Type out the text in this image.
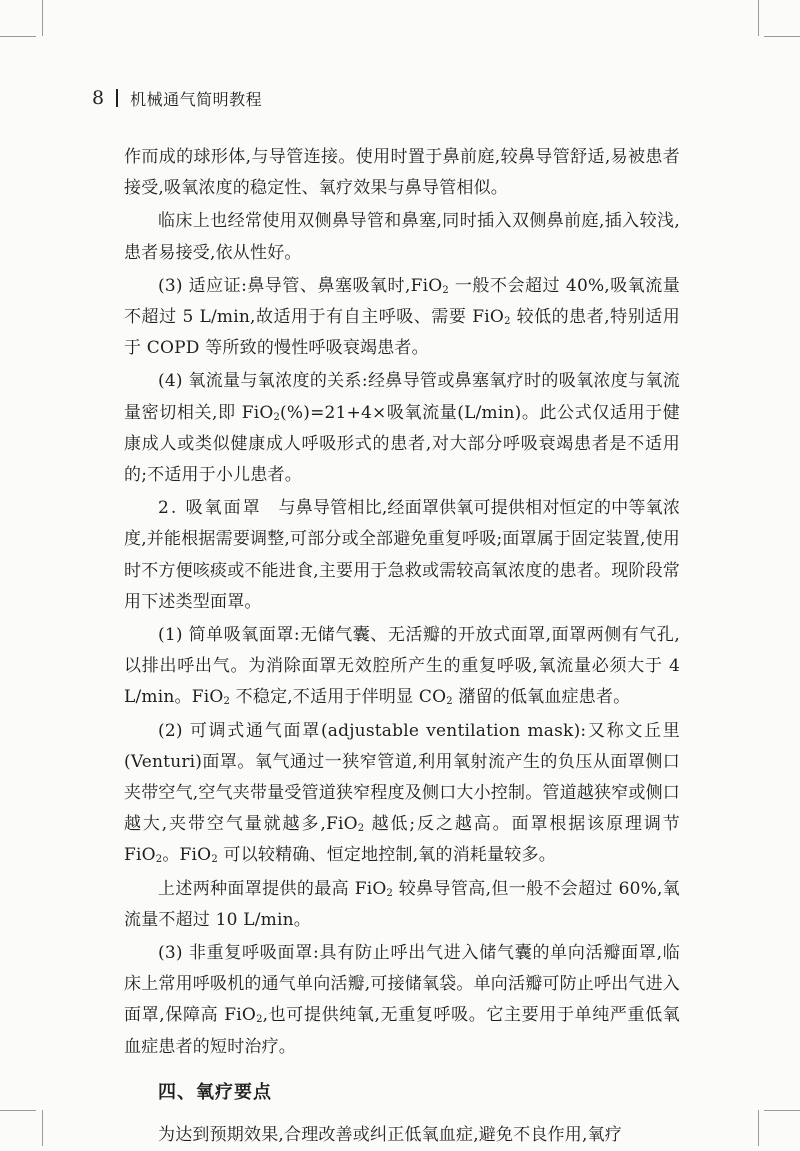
8 机械通气简明教程

作而成的球形体,与导管连接。使用时置于鼻前庭,较鼻导管舒适,易被患者接受,吸氧浓度的稳定性、氧疗效果与鼻导管相似。

临床上也经常使用双侧鼻导管和鼻塞,同时插入双侧鼻前庭,插入较浅,患者易接受,依从性好。

(3) 适应证:鼻导管、鼻塞吸氧时,FiO$_2$ 一般不会超过 40%,吸氧流量不超过 5 L/min,故适用于有自主呼吸、需要 FiO$_2$ 较低的患者,特别适用于 COPD 等所致的慢性呼吸衰竭患者。

(4) 氧流量与氧浓度的关系:经鼻导管或鼻塞氧疗时的吸氧浓度与氧流量密切相关,即 FiO$_2$(%)=21+4×吸氧流量(L/min)。此公式仅适用于健康成人或类似健康成人呼吸形式的患者,对大部分呼吸衰竭患者是不适用的;不适用于小儿患者。

2. 吸氧面罩 与鼻导管相比,经面罩供氧可提供相对恒定的中等氧浓度,并能根据需要调整,可部分或全部避免重复呼吸;面罩属于固定装置,使用时不方便咳痰或不能进食,主要用于急救或需较高氧浓度的患者。现阶段常用下述类型面罩。

(1) 简单吸氧面罩:无储气囊、无活瓣的开放式面罩,面罩两侧有气孔,以排出呼出气。为消除面罩无效腔所产生的重复呼吸,氧流量必须大于 4 L/min。FiO$_2$ 不稳定,不适用于伴明显 $CO_2$ 潴留的低氧血症患者。

(2) 可调式通气面罩(adjustable ventilation mask):又称文丘里(Venturi)面罩。氧气通过一狭窄管道,利用氧射流产生的负压从面罩侧口夹带空气,空气夹带量受管道狭窄程度及侧口大小控制。管道越狭窄或侧口越大,夹带空气量就越多,FiO$_2$ 越低;反之越高。面罩根据该原理调节 FiO$_2$。FiO$_2$ 可以较精确、恒定地控制,氧的消耗量较多。

上述两种面罩提供的最高 FiO$_2$ 较鼻导管高,但一般不会超过 60%,氧流量不超过 10 L/min。

(3) 非重复呼吸面罩:具有防止呼出气进入储气囊的单向活瓣面罩,临床上常用呼吸机的通气单向活瓣,可接储氧袋。单向活瓣可防止呼出气进入面罩,保障高 FiO$_2$,也可提供纯氧,无重复呼吸。它主要用于单纯严重低氧血症患者的短时治疗。

四、氧疗要点

为达到预期效果,合理改善或纠正低氧血症,避免不良作用,氧疗
